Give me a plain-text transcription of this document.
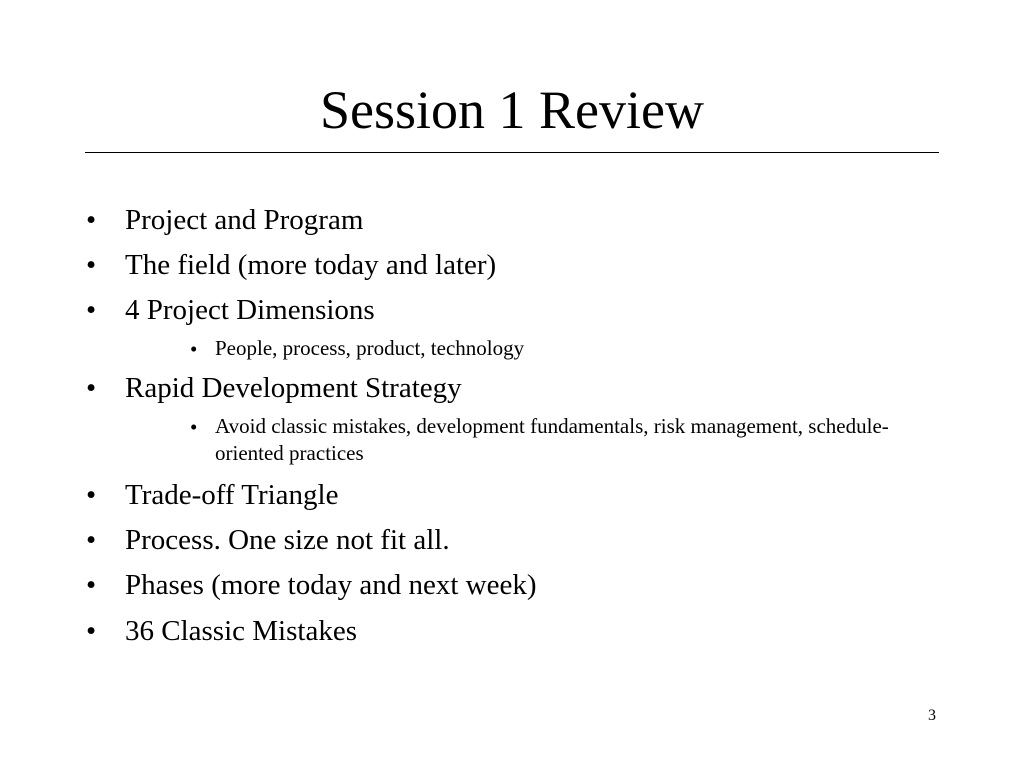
Session 1 Review
• Project and Program
• The field (more today and later)
• 4 Project Dimensions
• People, process, product, technology
• Rapid Development Strategy
• Avoid classic mistakes, development fundamentals, risk management, schedule-oriented practices
• Trade-off Triangle
• Process. One size not fit all.
• Phases (more today and next week)
• 36 Classic Mistakes
3
